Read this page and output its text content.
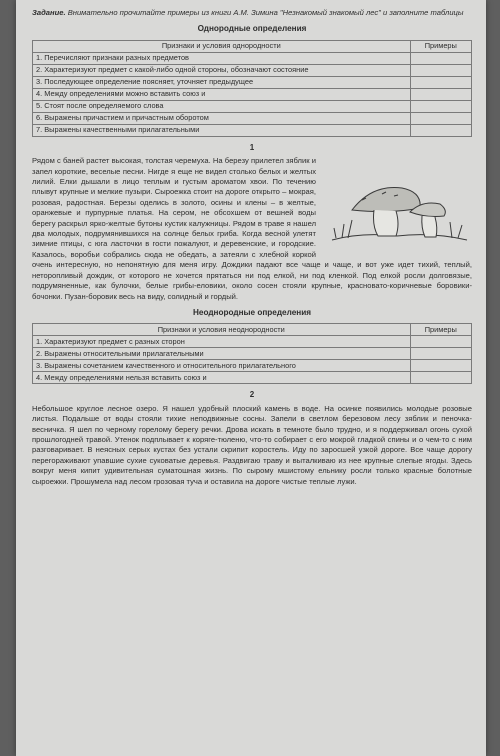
Задание. Внимательно прочитайте примеры из книги А.М. Зимина "Незнакомый знакомый лес" и заполните таблицы
Однородные определения
Признаки и условия однородности	Примеры
1. Перечисляют признаки разных предметов	
2. Характеризуют предмет с какой-либо одной стороны, обозначают состояние	
3. Последующее определение поясняет, уточняет предыдущее	
4. Между определениями можно вставить союз и	
5. Стоят после определяемого слова	
6. Выражены причастием и причастным оборотом	
7. Выражены качественными прилагательными	
1
Рядом с баней растет высокая, толстая черемуха. На березу прилетел зяблик и запел короткие, веселые песни. Нигде я еще не видел столько белых и желтых лилий. Елки дышали в лицо теплым и густым ароматом хвои. По течению плывут крупные и мелкие пузыри. Сыроежка стоит на дороге открыто – мокрая, розовая, радостная. Березы оделись в золото, осины и клены – в желтые, оранжевые и пурпурные платья. На сером, не обсохшем от вешней воды берегу раскрыл ярко-желтые бутоны кустик калужницы. Рядом в траве я нашел два молодых, подрумянившихся на солнце белых гриба. Когда весной улетят зимние птицы, с юга ласточки в гости пожалуют, и деревенские, и городские. Казалось, воробьи собрались сюда не обедать, а затеяли с хлебной коркой очень интересную, но непонятную для меня игру. Дождики падают все чаще и чаще, и вот уже идет тихий, теплый, неторопливый дождик, от которого не хочется прятаться ни под елкой, ни под кленкой. Под елкой росли долговязые, подрумяненные, как булочки, белые грибы-еловики, около сосен стояли крупные, красновато-коричневые боровики-бочонки. Пузан-боровик весь на виду, солидный и гордый.
Неоднородные определения
Признаки и условия неоднородности	Примеры
1. Характеризуют предмет с разных сторон	
2. Выражены относительными прилагательными	
3. Выражены сочетанием качественного и относительного прилагательного	
4. Между определениями нельзя вставить союз и	
2
Небольшое круглое лесное озеро. Я нашел удобный плоский камень в воде. На осинке появились молодые розовые листья. Подальше от воды стояли тихие неподвижные сосны. Запели в светлом березовом лесу зяблик и пеночка-весничка. Я шел по черному горелому берегу речки. Дрова искать в темноте было трудно, и я поддерживал огонь сухой прошлогодней травой. Утенок подплывает к коряге-тюленю, что-то собирает с его мокрой гладкой спины и о чем-то с ним разговаривает. В неясных серых кустах без устали скрипит коростель. Иду по заросшей узкой дороге. Все чаще дорогу перегораживают упавшие сухие суковатые деревья. Раздвигаю траву и выталкиваю из нее крупные слепые ягоды. Здесь вокруг меня кипит удивительная суматошная жизнь. По сырому мшистому ельнику росли только красные болотные сыроежки. Прошумела над лесом грозовая туча и оставила на дороге чистые теплые лужи.
